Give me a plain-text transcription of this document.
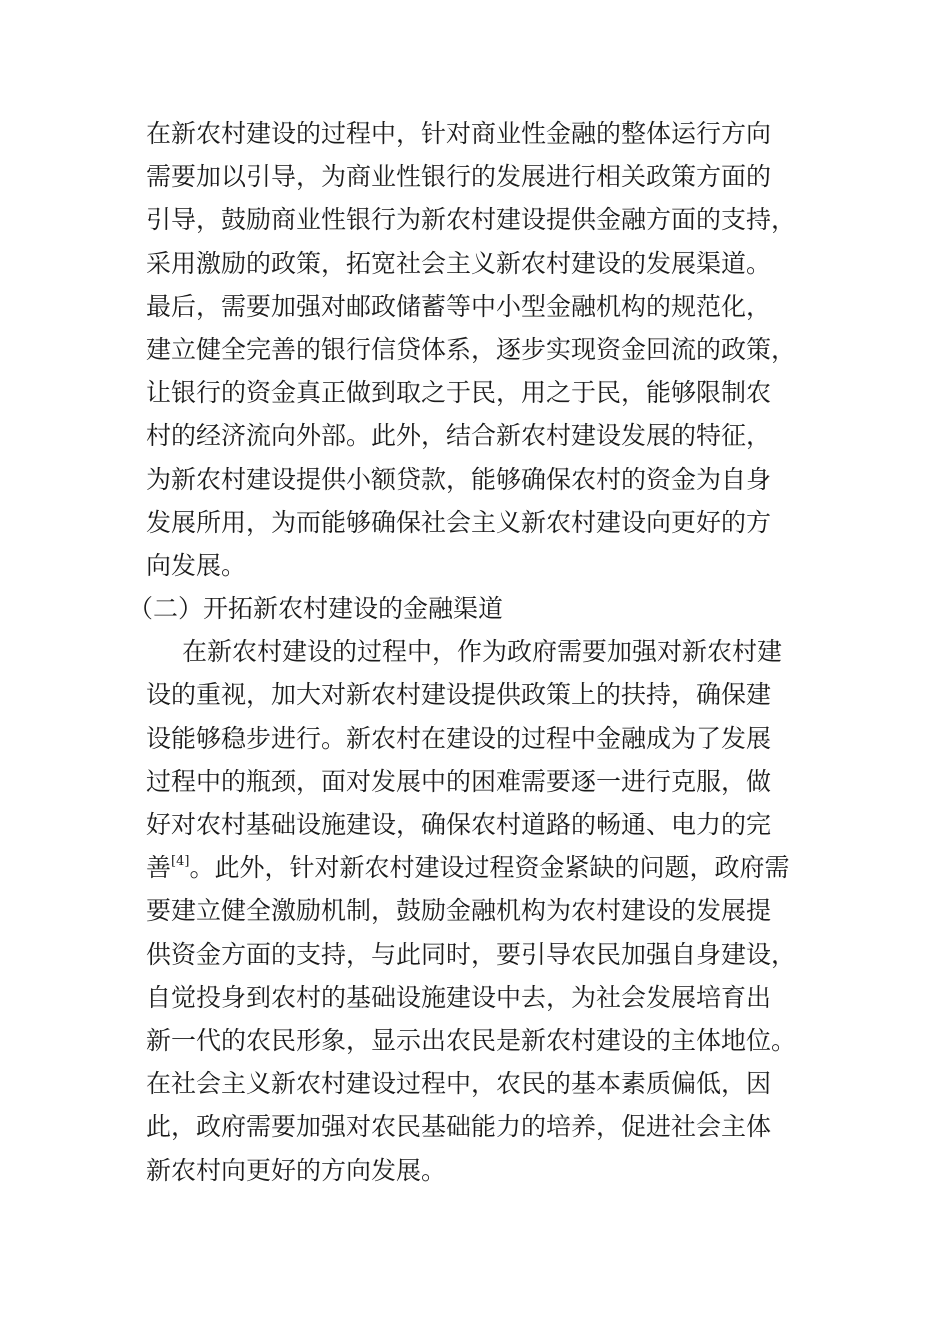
在新农村建设的过程中，针对商业性金融的整体运行方向
需要加以引导，为商业性银行的发展进行相关政策方面的
引导，鼓励商业性银行为新农村建设提供金融方面的支持，
采用激励的政策，拓宽社会主义新农村建设的发展渠道。
最后，需要加强对邮政储蓄等中小型金融机构的规范化，
建立健全完善的银行信贷体系，逐步实现资金回流的政策，
让银行的资金真正做到取之于民，用之于民，能够限制农
村的经济流向外部。此外，结合新农村建设发展的特征，
为新农村建设提供小额贷款，能够确保农村的资金为自身
发展所用，为而能够确保社会主义新农村建设向更好的方
向发展。
（二）开拓新农村建设的金融渠道
在新农村建设的过程中，作为政府需要加强对新农村建
设的重视，加大对新农村建设提供政策上的扶持，确保建
设能够稳步进行。新农村在建设的过程中金融成为了发展
过程中的瓶颈，面对发展中的困难需要逐一进行克服，做
好对农村基础设施建设，确保农村道路的畅通、电力的完
善[4]。此外，针对新农村建设过程资金紧缺的问题，政府需
要建立健全激励机制，鼓励金融机构为农村建设的发展提
供资金方面的支持，与此同时，要引导农民加强自身建设，
自觉投身到农村的基础设施建设中去，为社会发展培育出
新一代的农民形象，显示出农民是新农村建设的主体地位。
在社会主义新农村建设过程中，农民的基本素质偏低，因
此，政府需要加强对农民基础能力的培养，促进社会主体
新农村向更好的方向发展。
